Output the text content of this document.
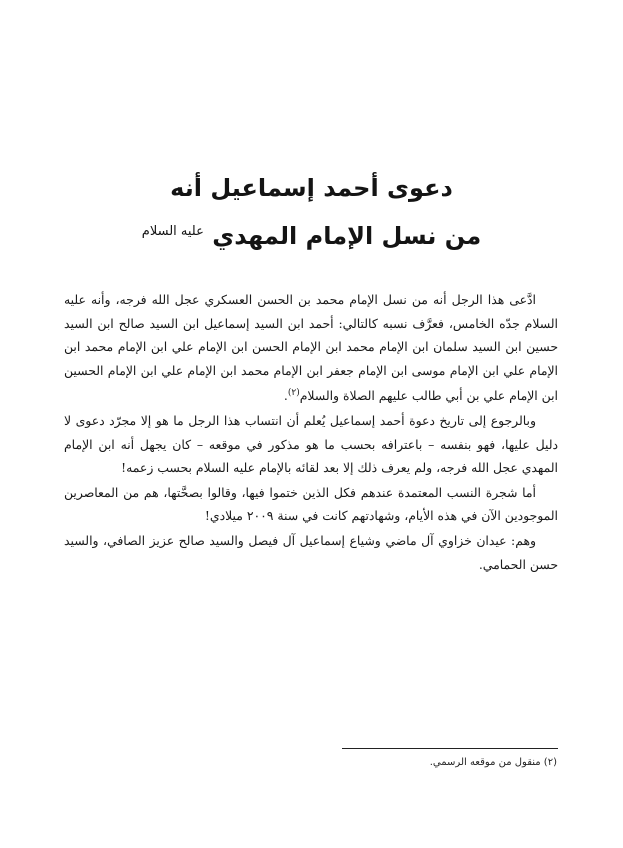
دعوى أحمد إسماعيل أنه
من نسل الإمام المهدي $^{عليه السلام}$

ادَّعى هذا الرجل أنه من نسل الإمام محمد بن الحسن العسكري عجل الله فرجه، وأنه عليه السلام جدّه الخامس، فعرَّف نسبه كالتالي: أحمد ابن السيد إسماعيل ابن السيد صالح ابن السيد حسين ابن السيد سلمان ابن الإمام محمد ابن الإمام الحسن ابن الإمام علي ابن الإمام محمد ابن الإمام علي ابن الإمام موسى ابن الإمام جعفر ابن الإمام محمد ابن الإمام علي ابن الإمام الحسين ابن الإمام علي بن أبي طالب عليهم الصلاة والسلام$^{(٢)}$.

وبالرجوع إلى تاريخ دعوة أحمد إسماعيل يُعلم أن انتساب هذا الرجل ما هو إلا مجرّد دعوى لا دليل عليها، فهو بنفسه – باعترافه بحسب ما هو مذكور في موقعه – كان يجهل أنه ابن الإمام المهدي عجل الله فرجه، ولم يعرف ذلك إلا بعد لقائه بالإمام عليه السلام بحسب زعمه!

أما شجرة النسب المعتمدة عندهم فكل الذين ختموا فيها، وقالوا بصحَّتها، هم من المعاصرين الموجودين الآن في هذه الأيام، وشهادتهم كانت في سنة ٢٠٠٩ ميلادي!

وهم: عيدان خزاوي آل ماضي وشياع إسماعيل آل فيصل والسيد صالح عزيز الصافي، والسيد حسن الحمامي.

(٢) منقول من موقعه الرسمي.
